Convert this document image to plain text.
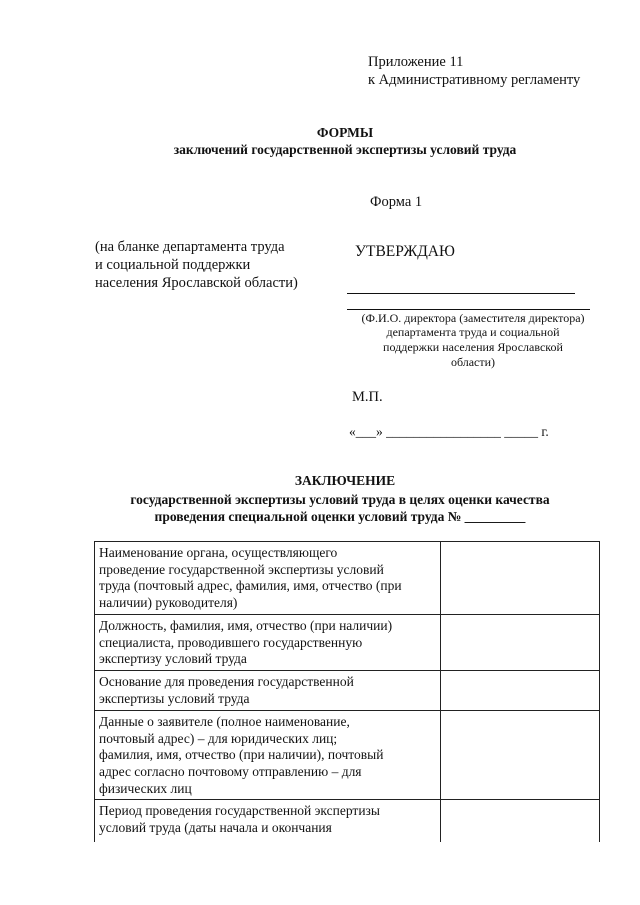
Приложение 11
к Административному регламенту
ФОРМЫ
заключений государственной экспертизы условий труда
Форма 1
(на бланке департамента труда
и социальной поддержки
населения Ярославской области)
УТВЕРЖДАЮ
(Ф.И.О. директора (заместителя директора)
департамента труда и социальной
поддержки населения Ярославской
области)
М.П.
«___» _________________ _____ г.
ЗАКЛЮЧЕНИЕ
государственной экспертизы условий труда в целях оценки качества
проведения специальной оценки условий труда № _________
Наименование органа, осуществляющего
проведение государственной экспертизы условий
труда (почтовый адрес, фамилия, имя, отчество (при
наличии) руководителя)	

Должность, фамилия, имя, отчество (при наличии)
специалиста, проводившего государственную
экспертизу условий труда	

Основание для проведения государственной
экспертизы условий труда	

Данные о заявителе (полное наименование,
почтовый адрес) – для юридических лиц;
фамилия, имя, отчество (при наличии), почтовый
адрес согласно почтовому отправлению – для
физических лиц	

Период проведения государственной экспертизы
условий труда (даты начала и окончания	
